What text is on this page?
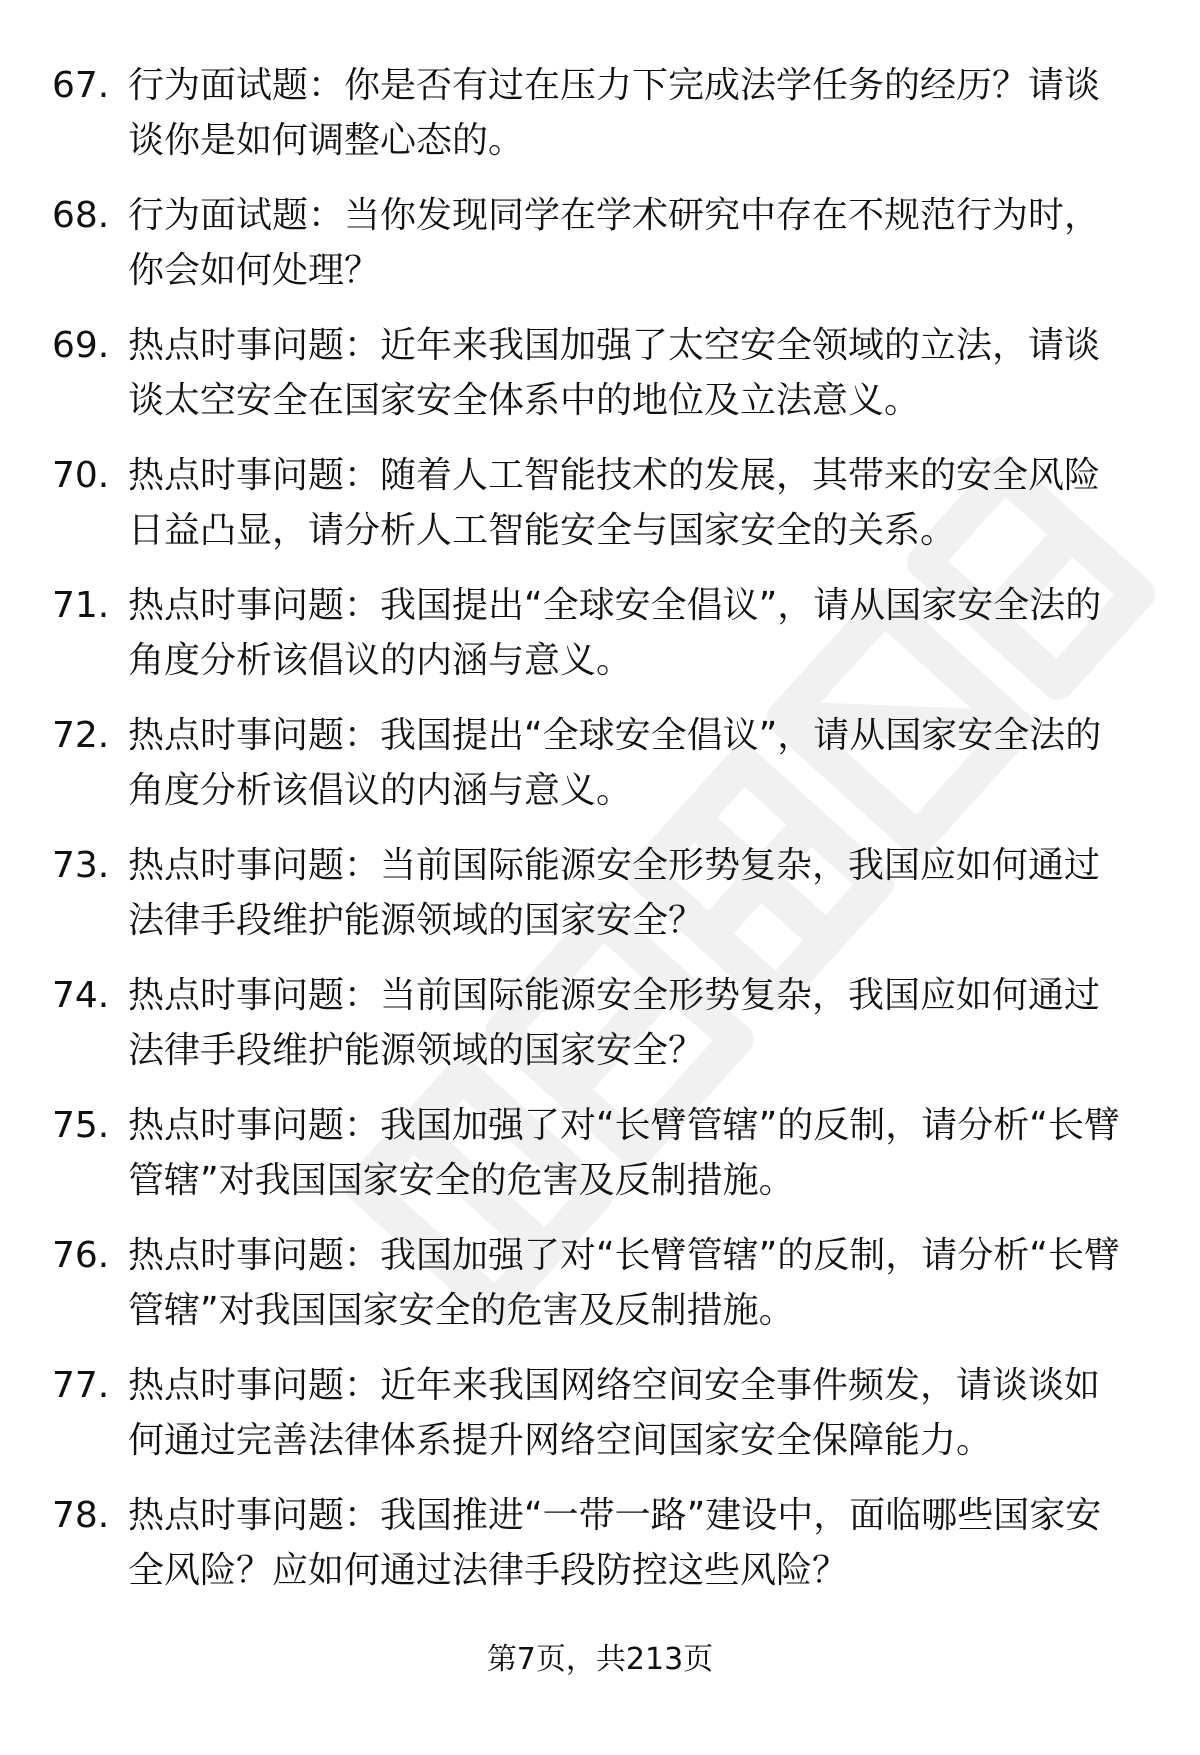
67. 行为面试题：你是否有过在压力下完成法学任务的经历？请谈谈你是如何调整心态的。
68. 行为面试题：当你发现同学在学术研究中存在不规范行为时，你会如何处理？
69. 热点时事问题：近年来我国加强了太空安全领域的立法，请谈谈太空安全在国家安全体系中的地位及立法意义。
70. 热点时事问题：随着人工智能技术的发展，其带来的安全风险日益凸显，请分析人工智能安全与国家安全的关系。
71. 热点时事问题：我国提出“全球安全倡议”，请从国家安全法的角度分析该倡议的内涵与意义。
72. 热点时事问题：我国提出“全球安全倡议”，请从国家安全法的角度分析该倡议的内涵与意义。
73. 热点时事问题：当前国际能源安全形势复杂，我国应如何通过法律手段维护能源领域的国家安全？
74. 热点时事问题：当前国际能源安全形势复杂，我国应如何通过法律手段维护能源领域的国家安全？
75. 热点时事问题：我国加强了对“长臂管辖”的反制，请分析“长臂管辖”对我国国家安全的危害及反制措施。
76. 热点时事问题：我国加强了对“长臂管辖”的反制，请分析“长臂管辖”对我国国家安全的危害及反制措施。
77. 热点时事问题：近年来我国网络空间安全事件频发，请谈谈如何通过完善法律体系提升网络空间国家安全保障能力。
78. 热点时事问题：我国推进“一带一路”建设中，面临哪些国家安全风险？应如何通过法律手段防控这些风险？
第7页，共213页
